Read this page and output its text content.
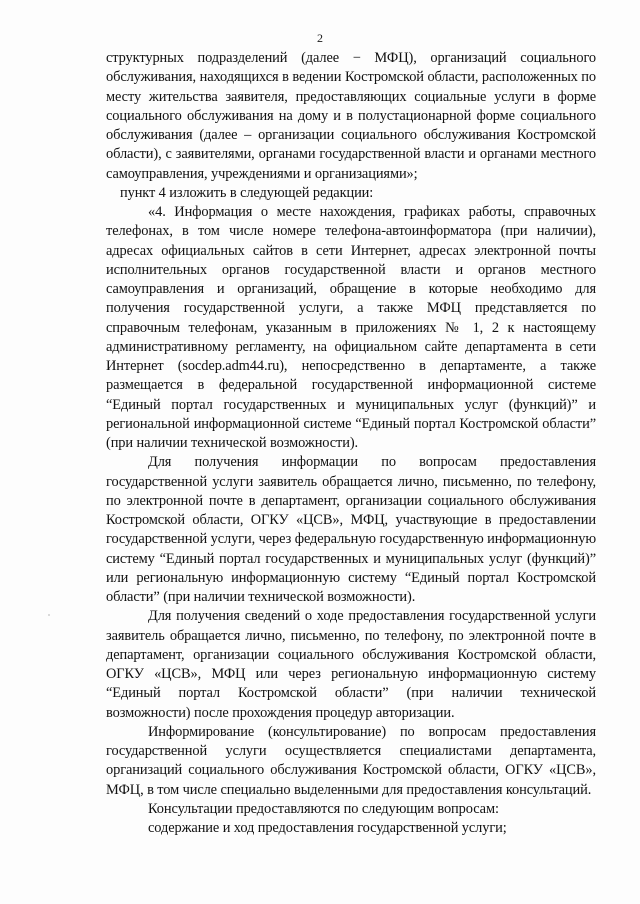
2

структурных подразделений (далее − МФЦ), организаций социального обслуживания, находящихся в ведении Костромской области, расположенных по месту жительства заявителя, предоставляющих социальные услуги в форме социального обслуживания на дому и в полустационарной форме социального обслуживания (далее – организации социального обслуживания Костромской области), с заявителями, органами государственной власти и органами местного самоуправления, учреждениями и организациями»;

пункт 4 изложить в следующей редакции:

«4. Информация о месте нахождения, графиках работы, справочных телефонах, в том числе номере телефона-автоинформатора (при наличии), адресах официальных сайтов в сети Интернет, адресах электронной почты исполнительных органов государственной власти и органов местного самоуправления и организаций, обращение в которые необходимо для получения государственной услуги, а также МФЦ представляется по справочным телефонам, указанным в приложениях № 1, 2 к настоящему административному регламенту, на официальном сайте департамента в сети Интернет (socdep.adm44.ru), непосредственно в департаменте, а также размещается в федеральной государственной информационной системе “Единый портал государственных и муниципальных услуг (функций)” и региональной информационной системе “Единый портал Костромской области” (при наличии технической возможности).

Для получения информации по вопросам предоставления государственной услуги заявитель обращается лично, письменно, по телефону, по электронной почте в департамент, организации социального обслуживания Костромской области, ОГКУ «ЦСВ», МФЦ, участвующие в предоставлении государственной услуги, через федеральную государственную информационную систему “Единый портал государственных и муниципальных услуг (функций)” или региональную информационную систему “Единый портал Костромской области” (при наличии технической возможности).

Для получения сведений о ходе предоставления государственной услуги заявитель обращается лично, письменно, по телефону, по электронной почте в департамент, организации социального обслуживания Костромской области, ОГКУ «ЦСВ», МФЦ или через региональную информационную систему “Единый портал Костромской области” (при наличии технической возможности) после прохождения процедур авторизации.

Информирование (консультирование) по вопросам предоставления государственной услуги осуществляется специалистами департамента, организаций социального обслуживания Костромской области, ОГКУ «ЦСВ», МФЦ, в том числе специально выделенными для предоставления консультаций.

Консультации предоставляются по следующим вопросам:

содержание и ход предоставления государственной услуги;
